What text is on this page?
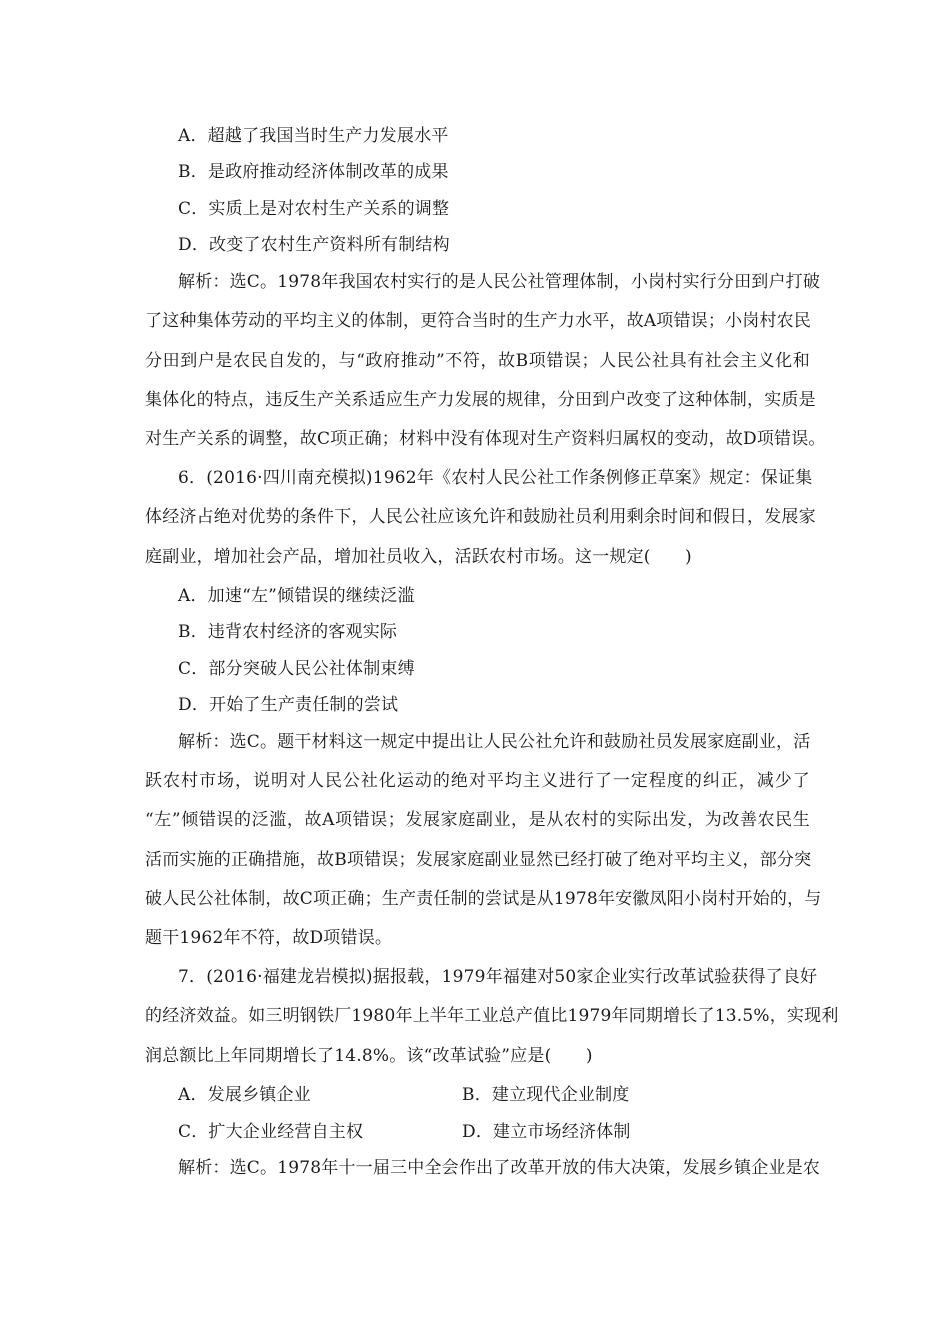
A．超越了我国当时生产力发展水平
B．是政府推动经济体制改革的成果
C．实质上是对农村生产关系的调整
D．改变了农村生产资料所有制结构
解析：选C。1978年我国农村实行的是人民公社管理体制，小岗村实行分田到户打破
了这种集体劳动的平均主义的体制，更符合当时的生产力水平，故A项错误；小岗村农民
分田到户是农民自发的，与“政府推动”不符，故B项错误；人民公社具有社会主义化和
集体化的特点，违反生产关系适应生产力发展的规律，分田到户改变了这种体制，实质是
对生产关系的调整，故C项正确；材料中没有体现对生产资料归属权的变动，故D项错误。
6．(2016·四川南充模拟)1962年《农村人民公社工作条例修正草案》规定：保证集
体经济占绝对优势的条件下，人民公社应该允许和鼓励社员利用剩余时间和假日，发展家
庭副业，增加社会产品，增加社员收入，活跃农村市场。这一规定(　　)
A．加速“左”倾错误的继续泛滥
B．违背农村经济的客观实际
C．部分突破人民公社体制束缚
D．开始了生产责任制的尝试
解析：选C。题干材料这一规定中提出让人民公社允许和鼓励社员发展家庭副业，活
跃农村市场，说明对人民公社化运动的绝对平均主义进行了一定程度的纠正，减少了
“左”倾错误的泛滥，故A项错误；发展家庭副业，是从农村的实际出发，为改善农民生
活而实施的正确措施，故B项错误；发展家庭副业显然已经打破了绝对平均主义，部分突
破人民公社体制，故C项正确；生产责任制的尝试是从1978年安徽凤阳小岗村开始的，与
题干1962年不符，故D项错误。
7．(2016·福建龙岩模拟)据报载，1979年福建对50家企业实行改革试验获得了良好
的经济效益。如三明钢铁厂1980年上半年工业总产值比1979年同期增长了13.5%，实现利
润总额比上年同期增长了14.8%。该“改革试验”应是(　　)
A．发展乡镇企业	B．建立现代企业制度
C．扩大企业经营自主权	D．建立市场经济体制
解析：选C。1978年十一届三中全会作出了改革开放的伟大决策，发展乡镇企业是农
